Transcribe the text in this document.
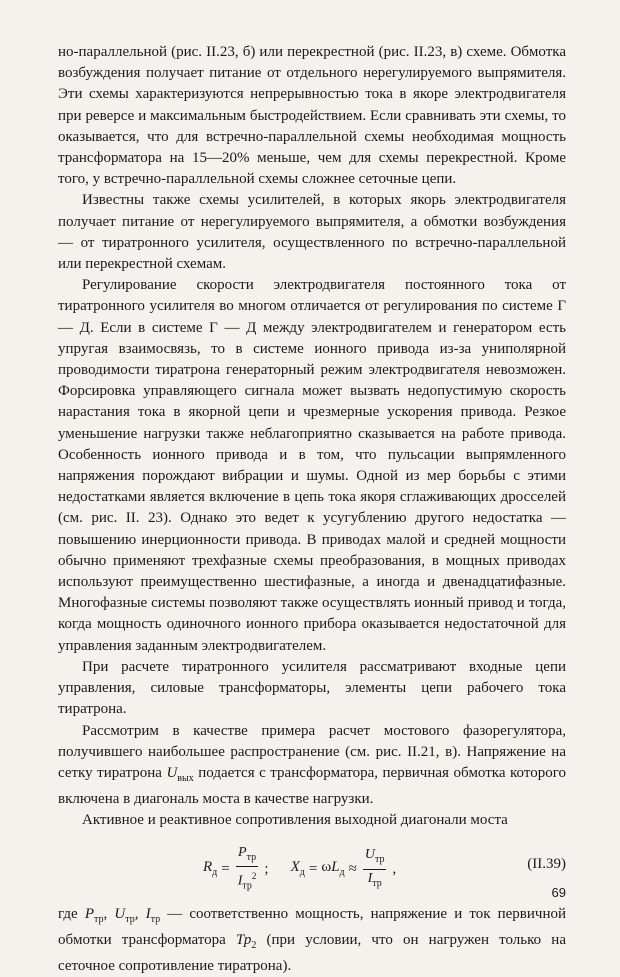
но-параллельной (рис. II.23, б) или перекрестной (рис. II.23, в) схеме. Обмотка возбуждения получает питание от отдельного нерегулируемого выпрямителя. Эти схемы характеризуются непрерывностью тока в якоре электродвигателя при реверсе и максимальным быстродействием. Если сравнивать эти схемы, то оказывается, что для встречно-параллельной схемы необходимая мощность трансформатора на 15—20% меньше, чем для схемы перекрестной. Кроме того, у встречно-параллельной схемы сложнее сеточные цепи.

Известны также схемы усилителей, в которых якорь электродвигателя получает питание от нерегулируемого выпрямителя, а обмотки возбуждения — от тиратронного усилителя, осуществленного по встречно-параллельной или перекрестной схемам.

Регулирование скорости электродвигателя постоянного тока от тиратронного усилителя во многом отличается от регулирования по системе Г — Д. Если в системе Г — Д между электродвигателем и генератором есть упругая взаимосвязь, то в системе ионного привода из-за униполярной проводимости тиратрона генераторный режим электродвигателя невозможен. Форсировка управляющего сигнала может вызвать недопустимую скорость нарастания тока в якорной цепи и чрезмерные ускорения привода. Резкое уменьшение нагрузки также неблагоприятно сказывается на работе привода. Особенность ионного привода и в том, что пульсации выпрямленного напряжения порождают вибрации и шумы. Одной из мер борьбы с этими недостатками является включение в цепь тока якоря сглаживающих дросселей (см. рис. II. 23). Однако это ведет к усугублению другого недостатка — повышению инерционности привода. В приводах малой и средней мощности обычно применяют трехфазные схемы преобразования, в мощных приводах используют преимущественно шестифазные, а иногда и двенадцатифазные. Многофазные системы позволяют также осуществлять ионный привод и тогда, когда мощность одиночного ионного прибора оказывается недостаточной для управления заданным электродвигателем.

При расчете тиратронного усилителя рассматривают входные цепи управления, силовые трансформаторы, элементы цепи рабочего тока тиратрона.

Рассмотрим в качестве примера расчет мостового фазорегулятора, получившего наибольшее распространение (см. рис. II.21, в). Напряжение на сетку тиратрона $U_{вых}$ подается с трансформатора, первичная обмотка которого включена в диагональ моста в качестве нагрузки.

Активное и реактивное сопротивления выходной диагонали моста

$R_д = \frac{P_{тр}}{I_{тр}^2}$ ; $X_д = \omega L_д \approx \frac{U_{тр}}{I_{тр}}$ ,	(II.39)

где $P_{тр}$, $U_{тр}$, $I_{тр}$ — соответственно мощность, напряжение и ток первичной обмотки трансформатора $Тр_2$ (при условии, что он нагружен только на сеточное сопротивление тиратрона).

69
